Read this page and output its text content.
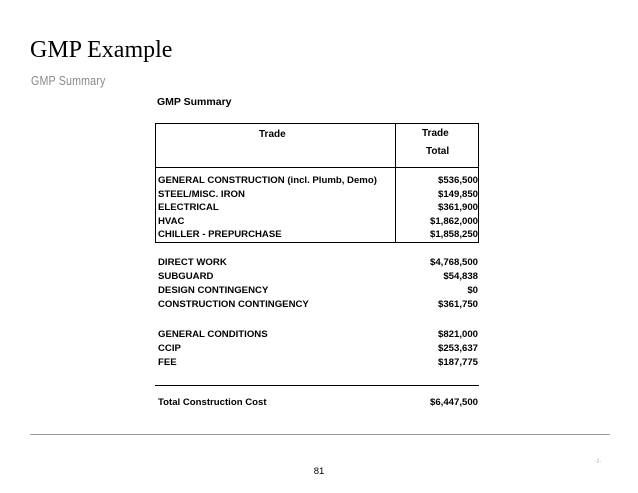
GMP Example
GMP Summary
GMP Summary
Trade	Trade
Total
GENERAL CONSTRUCTION (incl. Plumb, Demo)	$536,500
STEEL/MISC. IRON	$149,850
ELECTRICAL	$361,900
HVAC	$1,862,000
CHILLER - PREPURCHASE	$1,858,250
DIRECT WORK	$4,768,500
SUBGUARD	$54,838
DESIGN CONTINGENCY	$0
CONSTRUCTION CONTINGENCY	$361,750
GENERAL CONDITIONS	$821,000
CCIP	$253,637
FEE	$187,775
Total Construction Cost	$6,447,500
-2-
81
